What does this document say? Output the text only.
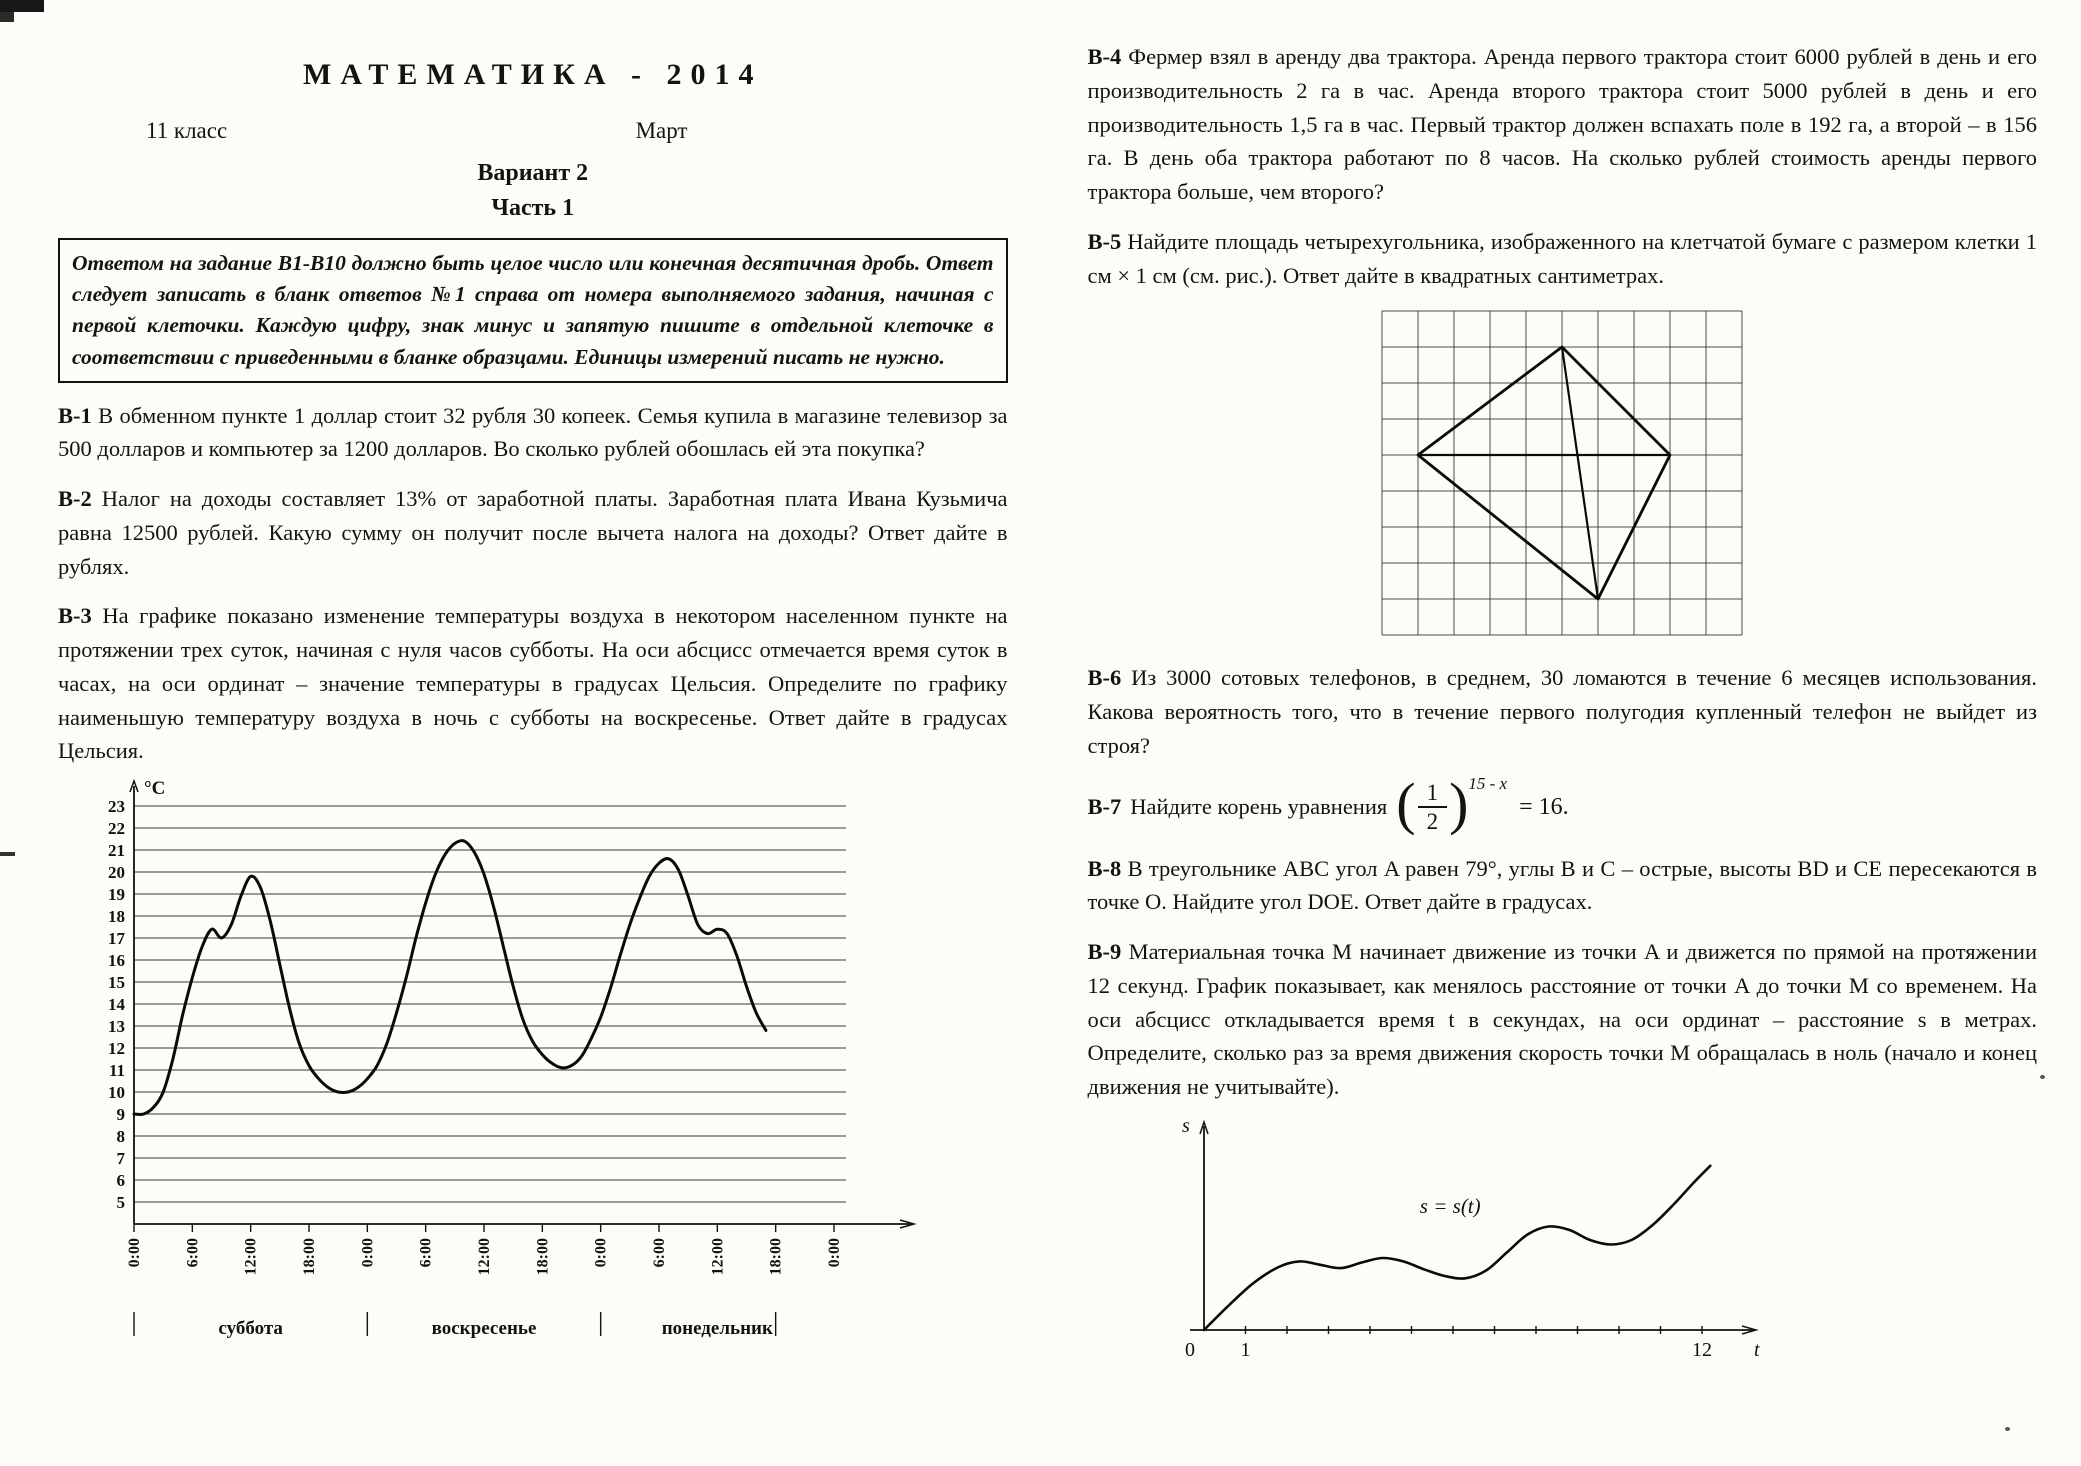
МАТЕМАТИКА - 2014
11 класс	Март
Вариант 2
Часть 1
Ответом на задание В1-В10 должно быть целое число или конечная десятичная дробь. Ответ следует записать в бланк ответов №1 справа от номера выполняемого задания, начиная с первой клеточки. Каждую цифру, знак минус и запятую пишите в отдельной клеточке в соответствии с приведенными в бланке образцами. Единицы измерений писать не нужно.

В-1 В обменном пункте 1 доллар стоит 32 рубля 30 копеек. Семья купила в магазине телевизор за 500 долларов и компьютер за 1200 долларов. Во сколько рублей обошлась ей эта покупка?

В-2 Налог на доходы составляет 13% от заработной платы. Заработная плата Ивана Кузьмича равна 12500 рублей. Какую сумму он получит после вычета налога на доходы? Ответ дайте в рублях.

В-3 На графике показано изменение температуры воздуха в некотором населенном пункте на протяжении трех суток, начиная с нуля часов субботы. На оси абсцисс отмечается время суток в часах, на оси ординат – значение температуры в градусах Цельсия. Определите по графику наименьшую температуру воздуха в ночь с субботы на воскресенье. Ответ дайте в градусах Цельсия.

23
22
21
20
19
18
17
16
15
14
13
12
11
10
9
8
7
6
5
°C
0:00	6:00	12:00	18:00	0:00	6:00	12:00	18:00	0:00	6:00	12:00	18:00	0:00
суббота	воскресенье	понедельник

В-4 Фермер взял в аренду два трактора. Аренда первого трактора стоит 6000 рублей в день и его производительность 2 га в час. Аренда второго трактора стоит 5000 рублей в день и его производительность 1,5 га в час. Первый трактор должен вспахать поле в 192 га, а второй – в 156 га. В день оба трактора работают по 8 часов. На сколько рублей стоимость аренды первого трактора больше, чем второго?

В-5 Найдите площадь четырехугольника, изображенного на клетчатой бумаге с размером клетки 1 см × 1 см (см. рис.). Ответ дайте в квадратных сантиметрах.

В-6 Из 3000 сотовых телефонов, в среднем, 30 ломаются в течение 6 месяцев использования. Какова вероятность того, что в течение первого полугодия купленный телефон не выйдет из строя?

В-7 Найдите корень уравнения ( $\frac{1}{2}$ ) 15 - x
= 16.

В-8 В треугольнике ABC угол A равен 79°, углы B и C – острые, высоты BD и CE пересекаются в точке O. Найдите угол DOE. Ответ дайте в градусах.

В-9 Материальная точка M начинает движение из точки A и движется по прямой на протяжении 12 секунд. График показывает, как менялось расстояние от точки A до точки M со временем. На оси абсцисс откладывается время t в секундах, на оси ординат – расстояние s в метрах. Определите, сколько раз за время движения скорость точки M обращалась в ноль (начало и конец движения не учитывайте).

0 1	12 t
s
s = s(t)
